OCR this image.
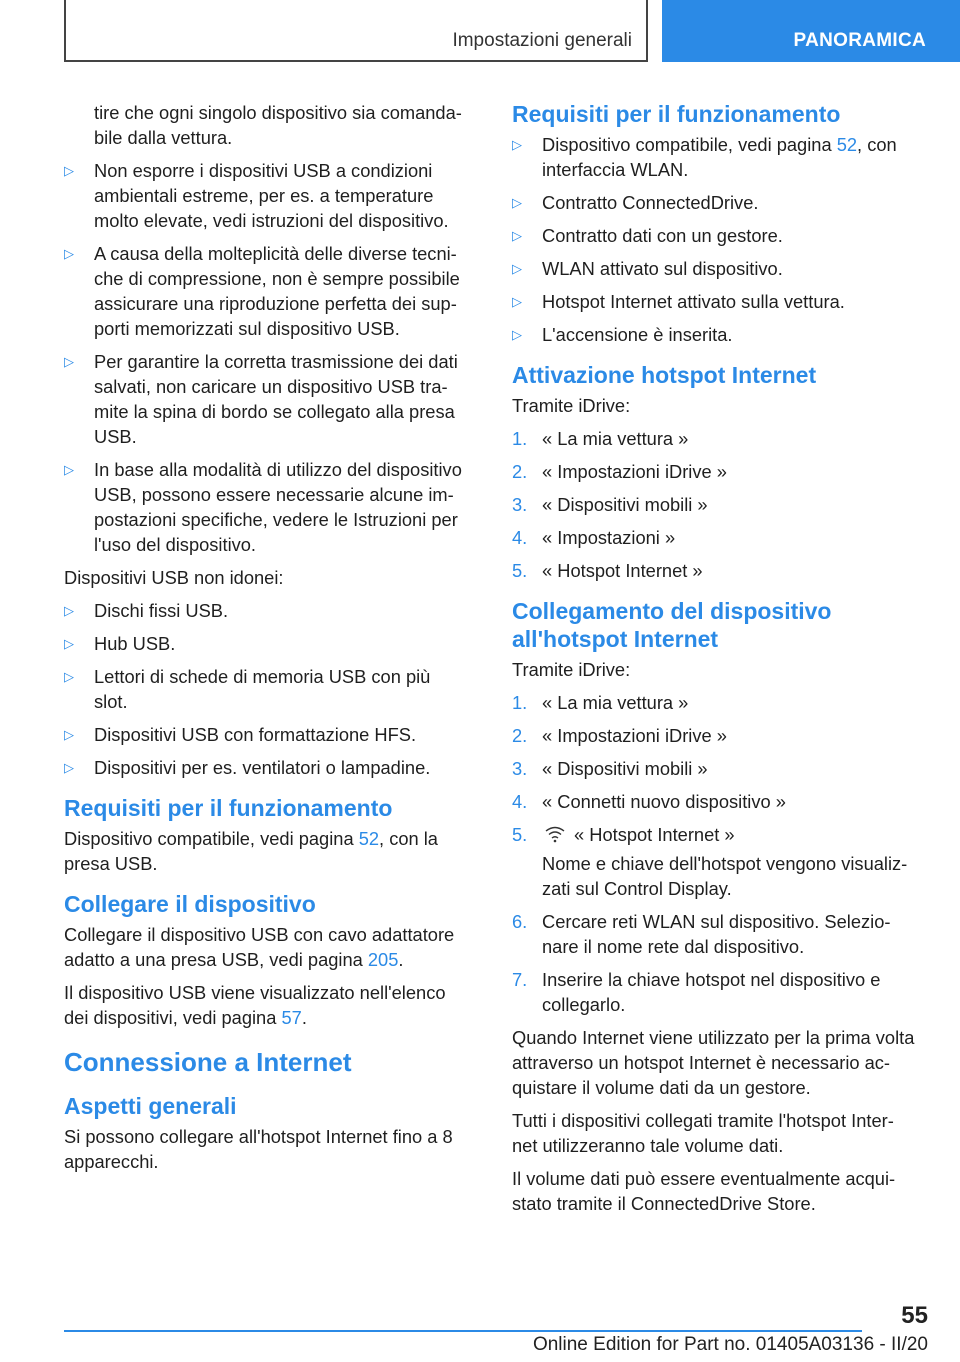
Impostazioni generali	PANORAMICA

tire che ogni singolo dispositivo sia comanda‐
bile dalla vettura.

▷	Non esporre i dispositivi USB a condizioni
ambientali estreme, per es. a temperature
molto elevate, vedi istruzioni del dispositivo.
▷	A causa della molteplicità delle diverse tecni‐
che di compressione, non è sempre possibile
assicurare una riproduzione perfetta dei sup‐
porti memorizzati sul dispositivo USB.
▷	Per garantire la corretta trasmissione dei dati
salvati, non caricare un dispositivo USB tra‐
mite la spina di bordo se collegato alla presa
USB.
▷	In base alla modalità di utilizzo del dispositivo
USB, possono essere necessarie alcune im‐
postazioni specifiche, vedere le Istruzioni per
l'uso del dispositivo.

Dispositivi USB non idonei:

▷	Dischi fissi USB.
▷	Hub USB.
▷	Lettori di schede di memoria USB con più
slot.
▷	Dispositivi USB con formattazione HFS.
▷	Dispositivi per es. ventilatori o lampadine.
Requisiti per il funzionamento

Dispositivo compatibile, vedi pagina 52, con la
presa USB.

Collegare il dispositivo

Collegare il dispositivo USB con cavo adattatore
adatto a una presa USB, vedi pagina 205.

Il dispositivo USB viene visualizzato nell'elenco
dei dispositivi, vedi pagina 57.

Connessione a Internet
Aspetti generali

Si possono collegare all'hotspot Internet fino a 8
apparecchi.

Requisiti per il funzionamento
▷	Dispositivo compatibile, vedi pagina 52, con
interfaccia WLAN.
▷	Contratto ConnectedDrive.
▷	Contratto dati con un gestore.
▷	WLAN attivato sul dispositivo.
▷	Hotspot Internet attivato sulla vettura.
▷	L'accensione è inserita.
Attivazione hotspot Internet

Tramite iDrive:

1. « La mia vettura »
2. « Impostazioni iDrive »
3. « Dispositivi mobili »
4. « Impostazioni »
5. « Hotspot Internet »
Collegamento del dispositivo
all'hotspot Internet

Tramite iDrive:

1. « La mia vettura »
2. « Impostazioni iDrive »
3. « Dispositivi mobili »
4. « Connetti nuovo dispositivo »
5.	« Hotspot Internet »

Nome e chiave dell'hotspot vengono visualiz‐
zati sul Control Display.

6. Cercare reti WLAN sul dispositivo. Selezio‐
nare il nome rete dal dispositivo.
7. Inserire la chiave hotspot nel dispositivo e
collegarlo.

Quando Internet viene utilizzato per la prima volta
attraverso un hotspot Internet è necessario ac‐
quistare il volume dati da un gestore.

Tutti i dispositivi collegati tramite l'hotspot Inter‐
net utilizzeranno tale volume dati.

Il volume dati può essere eventualmente acqui‐
stato tramite il ConnectedDrive Store.

55
Online Edition for Part no. 01405A03136 - II/20
